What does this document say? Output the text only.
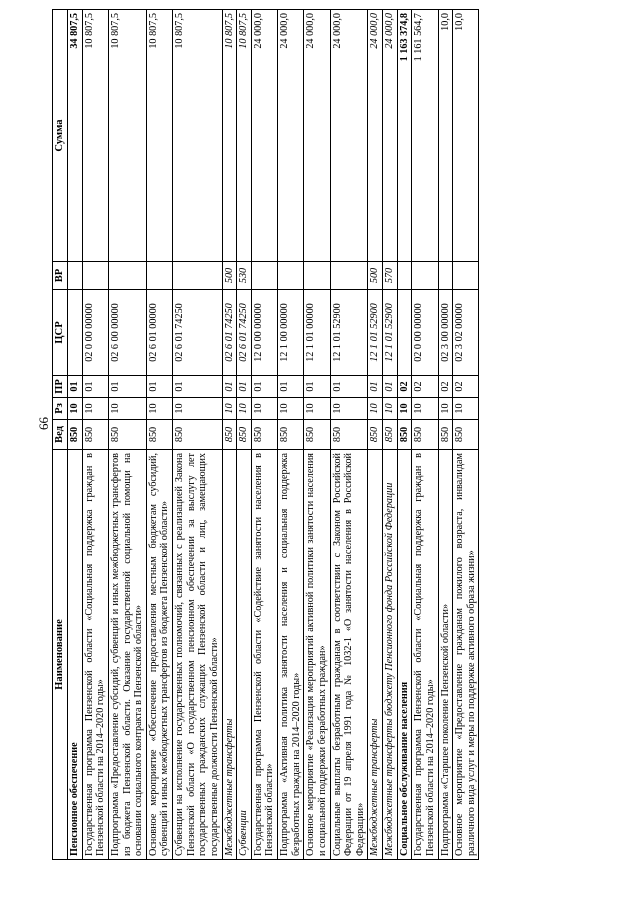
66
Наименование	Вед	Рз	ПР	ЦСР	ВР	Сумма
Пенсионное обеспечение	850	10	01			34 807,5
Государственная программа Пензенской области «Социальная поддержка граждан в Пензенской области на 2014–2020 годы»	850	10	01	02 0 00 00000		10 807,5
Подпрограмма «Предоставление субсидий, субвенций и иных межбюджетных трансфертов из бюджета Пензенской области. Оказание государственной социальной помощи на основании социального контракта в Пензенской области»	850	10	01	02 6 00 00000		10 807,5
Основное мероприятие «Обеспечение предоставления местным бюджетам субсидий, субвенций и иных межбюджетных трансфертов из бюджета Пензенской области»	850	10	01	02 6 01 00000		10 807,5
Субвенции на исполнение государственных полномочий, связанных с реализацией Закона Пензенской области «О государственном пенсионном обеспечении за выслугу лет государственных гражданских служащих Пензенской области и лиц, замещающих государственные должности Пензенской области»	850	10	01	02 6 01 74250		10 807,5
Межбюджетные трансферты	850	10	01	02 6 01 74250	500	10 807,5
Субвенции	850	10	01	02 6 01 74250	530	10 807,5
Государственная программа Пензенской области «Содействие занятости населения в Пензенской области»	850	10	01	12 0 00 00000		24 000,0
Подпрограмма «Активная политика занятости населения и социальная поддержка безработных граждан на 2014–2020 годы»	850	10	01	12 1 00 00000		24 000,0
Основное мероприятие «Реализация мероприятий активной политики занятости населения и социальной поддержки безработных граждан»	850	10	01	12 1 01 00000		24 000,0
Социальные выплаты безработным гражданам в соответствии с Законом Российской Федерации от 19 апреля 1991 года № 1032-1 «О занятости населения в Российской Федерации»	850	10	01	12 1 01 52900		24 000,0
Межбюджетные трансферты	850	10	01	12 1 01 52900	500	24 000,0
Межбюджетные трансферты бюджету Пенсионного фонда Российской Федерации	850	10	01	12 1 01 52900	570	24 000,0
Социальное обслуживание населения	850	10	02			1 163 374,8
Государственная программа Пензенской области «Социальная поддержка граждан в Пензенской области на 2014–2020 годы»	850	10	02	02 0 00 00000		1 161 564,7
Подпрограмма «Старшее поколение Пензенской области»	850	10	02	02 3 00 00000		10,0
Основное мероприятие «Предоставление гражданам пожилого возраста, инвалидам различного вида услуг и меры по поддержке активного образа жизни»	850	10	02	02 3 02 00000		10,0
